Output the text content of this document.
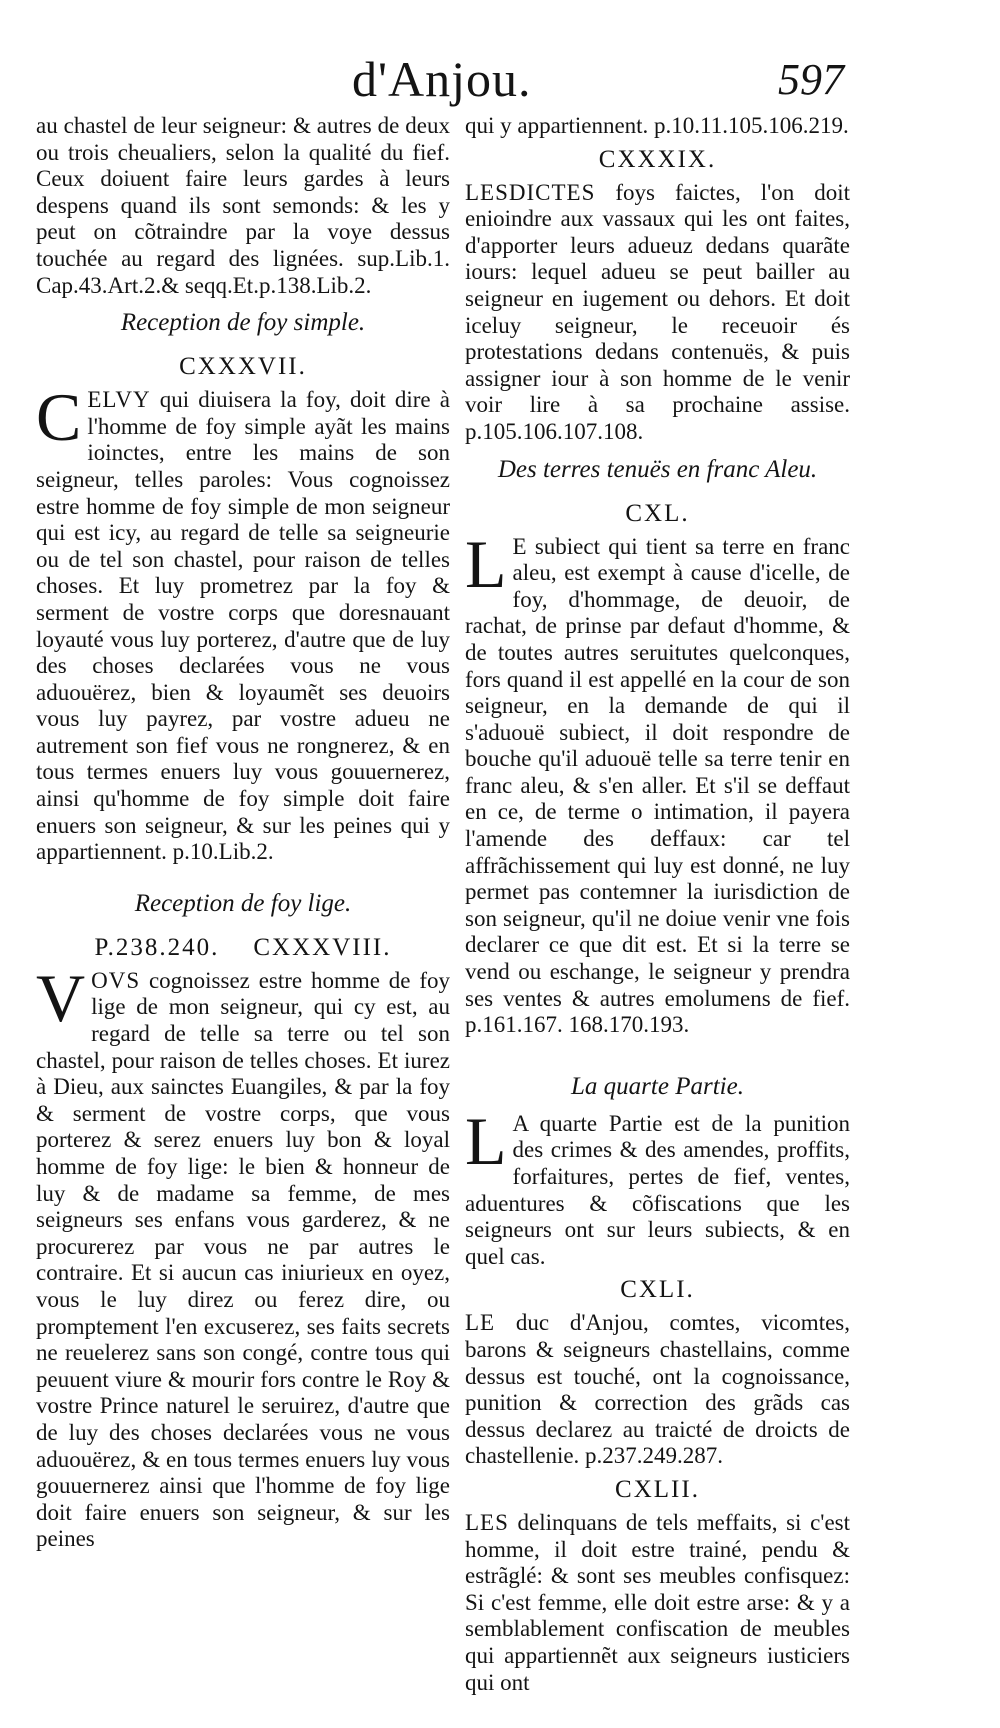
d'Anjou.	597

au chastel de leur seigneur: & autres de deux ou trois cheualiers, selon la qualité du fief. Ceux doiuent faire leurs gardes à leurs despens quand ils sont semonds: & les y peut on cõtraindre par la voye dessus touchée au regard des lignées. sup.Lib.1. Cap.43.Art.2.& seqq.Et.p.138.Lib.2.

Reception de foy simple.
CXXXVII.

CELVY qui diuisera la foy, doit dire à l'homme de foy simple ayãt les mains ioinctes, entre les mains de son seigneur, telles paroles: Vous cognoissez estre homme de foy simple de mon seigneur qui est icy, au regard de telle sa seigneurie ou de tel son chastel, pour raison de telles choses. Et luy prometrez par la foy & serment de vostre corps que doresnauant loyauté vous luy porterez, d'autre que de luy des choses declarées vous ne vous aduouërez, bien & loyaumẽt ses deuoirs vous luy payrez, par vostre adueu ne autrement son fief vous ne rongnerez, & en tous termes enuers luy vous gouuernerez, ainsi qu'homme de foy simple doit faire enuers son seigneur, & sur les peines qui y appartiennent. p.10.Lib.2.

Reception de foy lige.
P.238.240. CXXXVIII.

VOVS cognoissez estre homme de foy lige de mon seigneur, qui cy est, au regard de telle sa terre ou tel son chastel, pour raison de telles choses. Et iurez à Dieu, aux sainctes Euangiles, & par la foy & serment de vostre corps, que vous porterez & serez enuers luy bon & loyal homme de foy lige: le bien & honneur de luy & de madame sa femme, de mes seigneurs ses enfans vous garderez, & ne procurerez par vous ne par autres le contraire. Et si aucun cas iniurieux en oyez, vous le luy direz ou ferez dire, ou promptement l'en excuserez, ses faits secrets ne reuelerez sans son congé, contre tous qui peuuent viure & mourir fors contre le Roy & vostre Prince naturel le seruirez, d'autre que de luy des choses declarées vous ne vous aduouërez, & en tous termes enuers luy vous gouuernerez ainsi que l'homme de foy lige doit faire enuers son seigneur, & sur les peines

qui y appartiennent. p.10.11.105.106.219.

CXXXIX.

LESDICTES foys faictes, l'on doit enioindre aux vassaux qui les ont faites, d'apporter leurs adueuz dedans quarãte iours: lequel adueu se peut bailler au seigneur en iugement ou dehors. Et doit iceluy seigneur, le receuoir és protestations dedans contenuës, & puis assigner iour à son homme de le venir voir lire à sa prochaine assise. p.105.106.107.108.

Des terres tenuës en franc Aleu.
CXL.

L E subiect qui tient sa terre en franc aleu, est exempt à cause d'icelle, de foy, d'hommage, de deuoir, de rachat, de prinse par defaut d'homme, & de toutes autres seruitutes quelconques, fors quand il est appellé en la cour de son seigneur, en la demande de qui il s'aduouë subiect, il doit respondre de bouche qu'il aduouë telle sa terre tenir en franc aleu, & s'en aller. Et s'il se deffaut en ce, de terme o intimation, il payera l'amende des deffaux: car tel affrãchissement qui luy est donné, ne luy permet pas contemner la iurisdiction de son seigneur, qu'il ne doiue venir vne fois declarer ce que dit est. Et si la terre se vend ou eschange, le seigneur y prendra ses ventes & autres emolumens de fief. p.161.167. 168.170.193.

La quarte Partie.

L A quarte Partie est de la punition des crimes & des amendes, proffits, forfaitures, pertes de fief, ventes, aduentures & cõfiscations que les seigneurs ont sur leurs subiects, & en quel cas.

CXLI.

LE duc d'Anjou, comtes, vicomtes, barons & seigneurs chastellains, comme dessus est touché, ont la cognoissance, punition & correction des grãds cas dessus declarez au traicté de droicts de chastellenie. p.237.249.287.

CXLII.

LES delinquans de tels meffaits, si c'est homme, il doit estre trainé, pendu & estrãglé: & sont ses meubles confisquez: Si c'est femme, elle doit estre arse: & y a semblablement confiscation de meubles qui appartiennẽt aux seigneurs iusticiers qui ont
